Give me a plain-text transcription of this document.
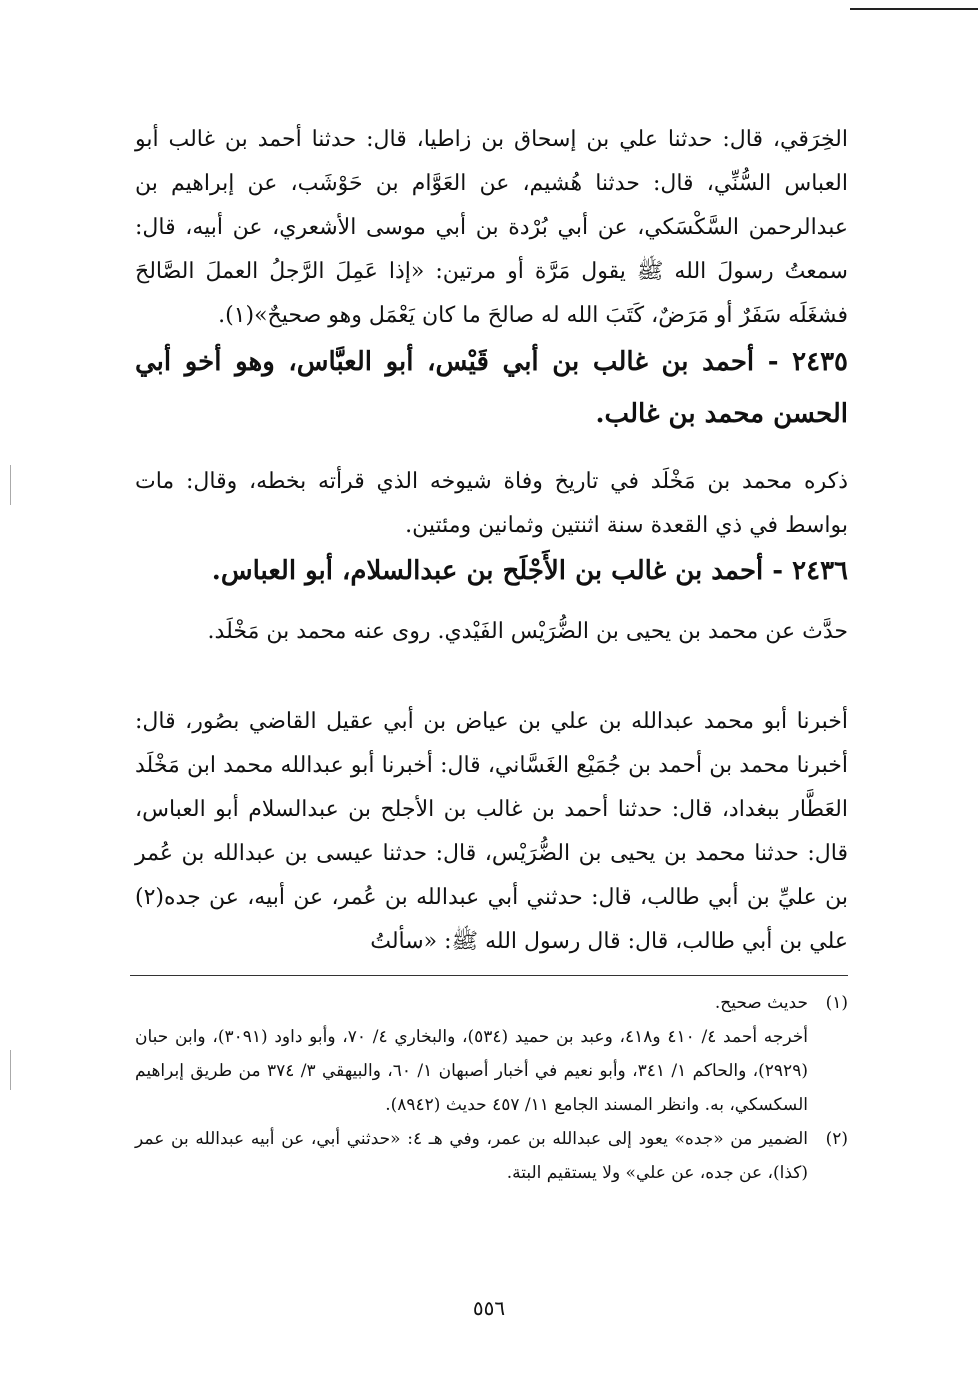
الخِرَقي، قال: حدثنا علي بن إسحاق بن زاطيا، قال: حدثنا أحمد بن غالب أبو العباس السُّنِّي، قال: حدثنا هُشيم، عن العَوَّام بن حَوْشَب، عن إبراهيم بن عبدالرحمن السَّكْسَكي، عن أبي بُرْدة بن أبي موسى الأشعري، عن أبيه، قال: سمعتُ رسولَ الله ﷺ يقول مَرَّة أو مرتين: «إذا عَمِلَ الرَّجلُ العملَ الصَّالحَ فشغَلَه سَفَرٌ أو مَرَضٌ، كَتَبَ الله له صالحَ ما كان يَعْمَل وهو صحيحٌ»(١).

٢٤٣٥ - أحمد بن غالب بن أبي قَيْس، أبو العبَّاس، وهو أخو أبي الحسن محمد بن غالب.

ذكره محمد بن مَخْلَد في تاريخ وفاة شيوخه الذي قرأته بخطه، وقال: مات بواسط في ذي القعدة سنة اثنتين وثمانين ومئتين.

٢٤٣٦ - أحمد بن غالب بن الأَجْلَح بن عبدالسلام، أبو العباس.

حدَّث عن محمد بن يحيى بن الضُّرَيْس الفَيْدي. روى عنه محمد بن مَخْلَد.

أخبرنا أبو محمد عبدالله بن علي بن عياض بن أبي عقيل القاضي بصُور، قال: أخبرنا محمد بن أحمد بن جُمَيْع الغَسَّاني، قال: أخبرنا أبو عبدالله محمد ابن مَخْلَد العَطَّار ببغداد، قال: حدثنا أحمد بن غالب بن الأجلح بن عبدالسلام أبو العباس، قال: حدثنا محمد بن يحيى بن الضُّرَيْس، قال: حدثنا عيسى بن عبدالله بن عُمر بن عليِّ بن أبي طالب، قال: حدثني أبي عبدالله بن عُمر، عن أبيه، عن جده(٢) علي بن أبي طالب، قال: قال رسول الله ﷺ: «سألتُ

(١)
حديث صحيح.
أخرجه أحمد ٤/ ٤١٠ و٤١٨، وعبد بن حميد (٥٣٤)، والبخاري ٤/ ٧٠، وأبو داود (٣٠٩١)، وابن حبان (٢٩٢٩)، والحاكم ١/ ٣٤١، وأبو نعيم في أخبار أصبهان ١/ ٦٠، والبيهقي ٣/ ٣٧٤ من طريق إبراهيم السكسكي، به. وانظر المسند الجامع ١١/ ٤٥٧ حديث (٨٩٤٢).
(٢)
الضمير من «جده» يعود إلى عبدالله بن عمر، وفي هـ ٤: «حدثني أبي، عن أبيه عبدالله بن عمر (كذا)، عن جده، عن علي» ولا يستقيم البتة.
٥٥٦
